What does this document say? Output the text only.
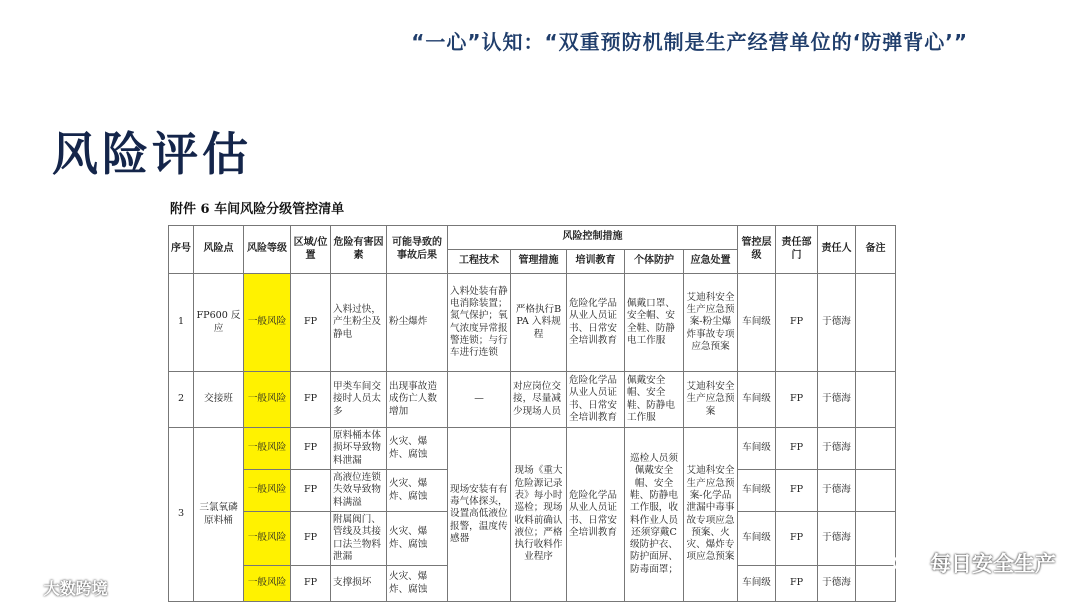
“一心”认知：“双重预防机制是生产经营单位的‘防弹背心’”
风险评估
附件 6 车间风险分级管控清单
序号	风险点	风险等级	区域/位置	危险有害因素	可能导致的事故后果	风险控制措施					管控层级	责任部门	责任人	备注
						工程技术	管理措施	培训教育	个体防护	应急处置				
1	FP600 反应	一般风险	FP	入料过快，产生粉尘及静电	粉尘爆炸	入料处装有静电消除装置；氮气保护；氧气浓度异常报警连锁；与行车进行连锁	严格执行BPA 入料规程	危险化学品从业人员证书、日常安全培训教育	佩戴口罩、安全帽、安全鞋、防静电工作服	艾迪科安全生产应急预案-粉尘爆炸事故专项应急预案	车间级	FP	于德海	
2	交接班	一般风险	FP	甲类车间交接时人员太多	出现事故造成伤亡人数增加	—	对应岗位交接，尽量减少现场人员	危险化学品从业人员证书、日常安全培训教育	佩戴安全帽、安全鞋、防静电工作服	艾迪科安全生产应急预案	车间级	FP	于德海	
3	三氯氧磷原料桶	一般风险	FP	原料桶本体损坏导致物料泄漏	火灾、爆炸、腐蚀	现场安装有有毒气体探头，设置高低液位报警，温度传感器	现场《重大危险源记录表》每小时巡检；现场收料前确认液位；严格执行收料作业程序	危险化学品从业人员证书、日常安全培训教育	巡检人员须佩戴安全帽、安全鞋、防静电工作服，收料作业人员还须穿戴C级防护衣、防护面屏、防毒面罩；	艾迪科安全生产应急预案-化学品泄漏中毒事故专项应急预案、火灾、爆炸专项应急预案	车间级	FP	于德海	
		一般风险	FP	高液位连锁失效导致物料满溢	火灾、爆炸、腐蚀						车间级	FP	于德海	
		一般风险	FP	附属阀门、管线及其接口法兰物料泄漏	火灾、爆炸、腐蚀						车间级	FP	于德海	
		一般风险	FP	支撑损坏	火灾、爆炸、腐蚀						车间级	FP	于德海	
大数跨境
每日安全生产
